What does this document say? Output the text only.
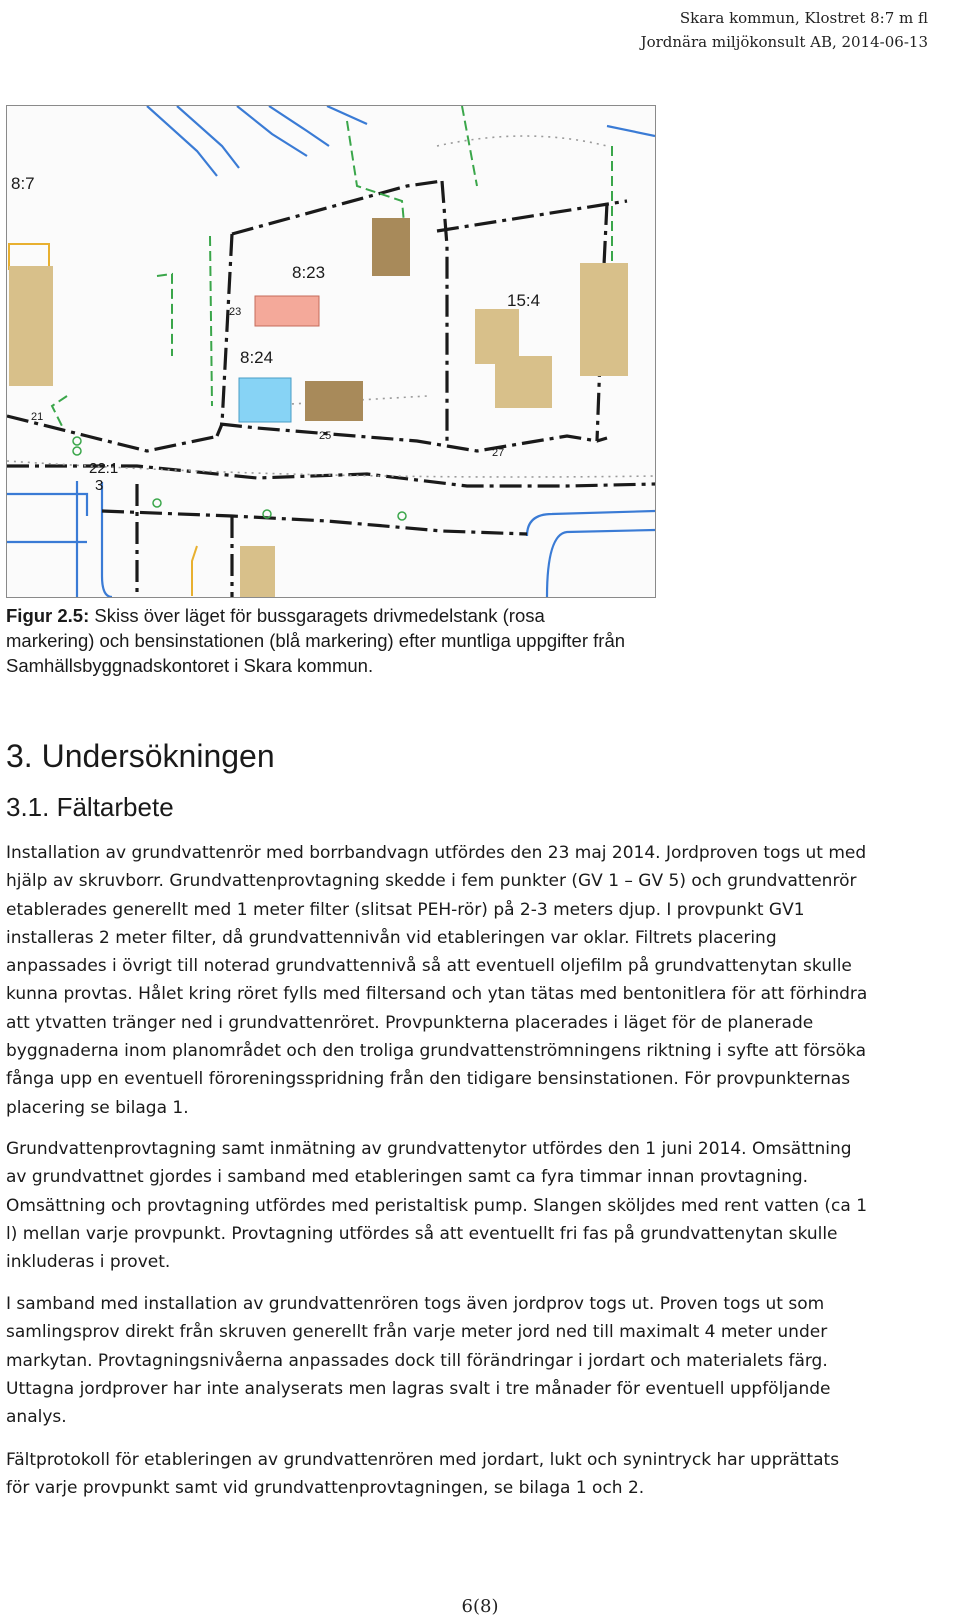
Skara kommun, Klostret 8:7 m fl
Jordnära miljökonsult AB, 2014-06-13
8:7
8:23
23
8:24
15:4
21
25
27
22:1
3
Figur 2.5: Skiss över läget för bussgaragets drivmedelstank (rosa
markering) och bensinstationen (blå markering) efter muntliga uppgifter från
Samhällsbyggnadskontoret i Skara kommun.
3. Undersökningen
3.1. Fältarbete
Installation av grundvattenrör med borrbandvagn utfördes den 23 maj 2014. Jordproven togs ut med
hjälp av skruvborr. Grundvattenprovtagning skedde i fem punkter (GV 1 – GV 5) och grundvattenrör
etablerades generellt med 1 meter filter (slitsat PEH-rör) på 2-3 meters djup. I provpunkt GV1
installeras 2 meter filter, då grundvattennivån vid etableringen var oklar. Filtrets placering
anpassades i övrigt till noterad grundvattennivå så att eventuell oljefilm på grundvattenytan skulle
kunna provtas. Hålet kring röret fylls med filtersand och ytan tätas med bentonitlera för att förhindra
att ytvatten tränger ned i grundvattenröret. Provpunkterna placerades i läget för de planerade
byggnaderna inom planområdet och den troliga grundvattenströmningens riktning i syfte att försöka
fånga upp en eventuell föroreningsspridning från den tidigare bensinstationen. För provpunkternas
placering se bilaga 1.
Grundvattenprovtagning samt inmätning av grundvattenytor utfördes den 1 juni 2014. Omsättning
av grundvattnet gjordes i samband med etableringen samt ca fyra timmar innan provtagning.
Omsättning och provtagning utfördes med peristaltisk pump. Slangen sköljdes med rent vatten (ca 1
l) mellan varje provpunkt. Provtagning utfördes så att eventuellt fri fas på grundvattenytan skulle
inkluderas i provet.
I samband med installation av grundvattenrören togs även jordprov togs ut. Proven togs ut som
samlingsprov direkt från skruven generellt från varje meter jord ned till maximalt 4 meter under
markytan. Provtagningsnivåerna anpassades dock till förändringar i jordart och materialets färg.
Uttagna jordprover har inte analyserats men lagras svalt i tre månader för eventuell uppföljande
analys.
Fältprotokoll för etableringen av grundvattenrören med jordart, lukt och synintryck har upprättats
för varje provpunkt samt vid grundvattenprovtagningen, se bilaga 1 och 2.
6(8)
